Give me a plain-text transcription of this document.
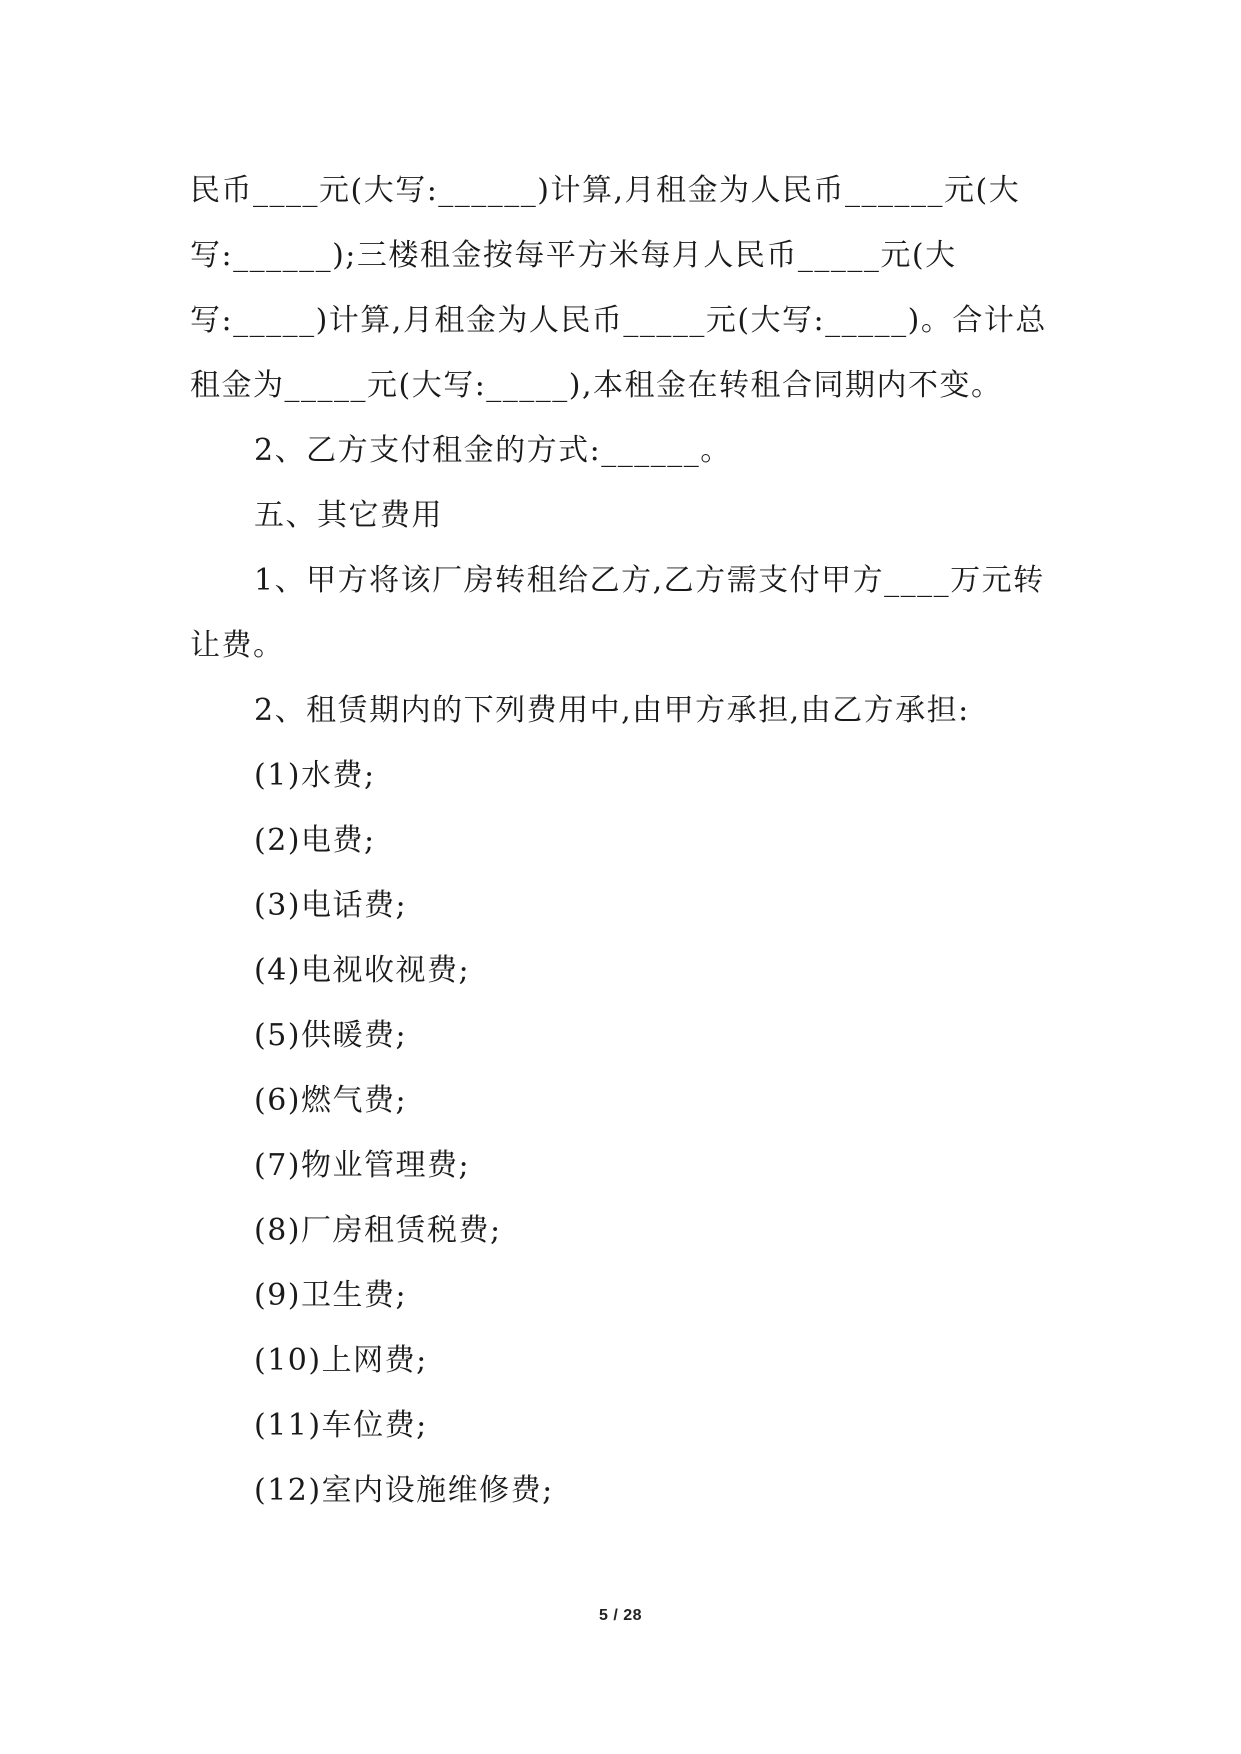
民币____元(大写:______)计算,月租金为人民币______元(大写:______);三楼租金按每平方米每月人民币_____元(大写:_____)计算,月租金为人民币_____元(大写:_____)。合计总租金为_____元(大写:_____),本租金在转租合同期内不变。

2、乙方支付租金的方式:______。

五、其它费用

1、甲方将该厂房转租给乙方,乙方需支付甲方____万元转让费。

2、租赁期内的下列费用中,由甲方承担,由乙方承担:

(1)水费;

(2)电费;

(3)电话费;

(4)电视收视费;

(5)供暖费;

(6)燃气费;

(7)物业管理费;

(8)厂房租赁税费;

(9)卫生费;

(10)上网费;

(11)车位费;

(12)室内设施维修费;

5 / 28
